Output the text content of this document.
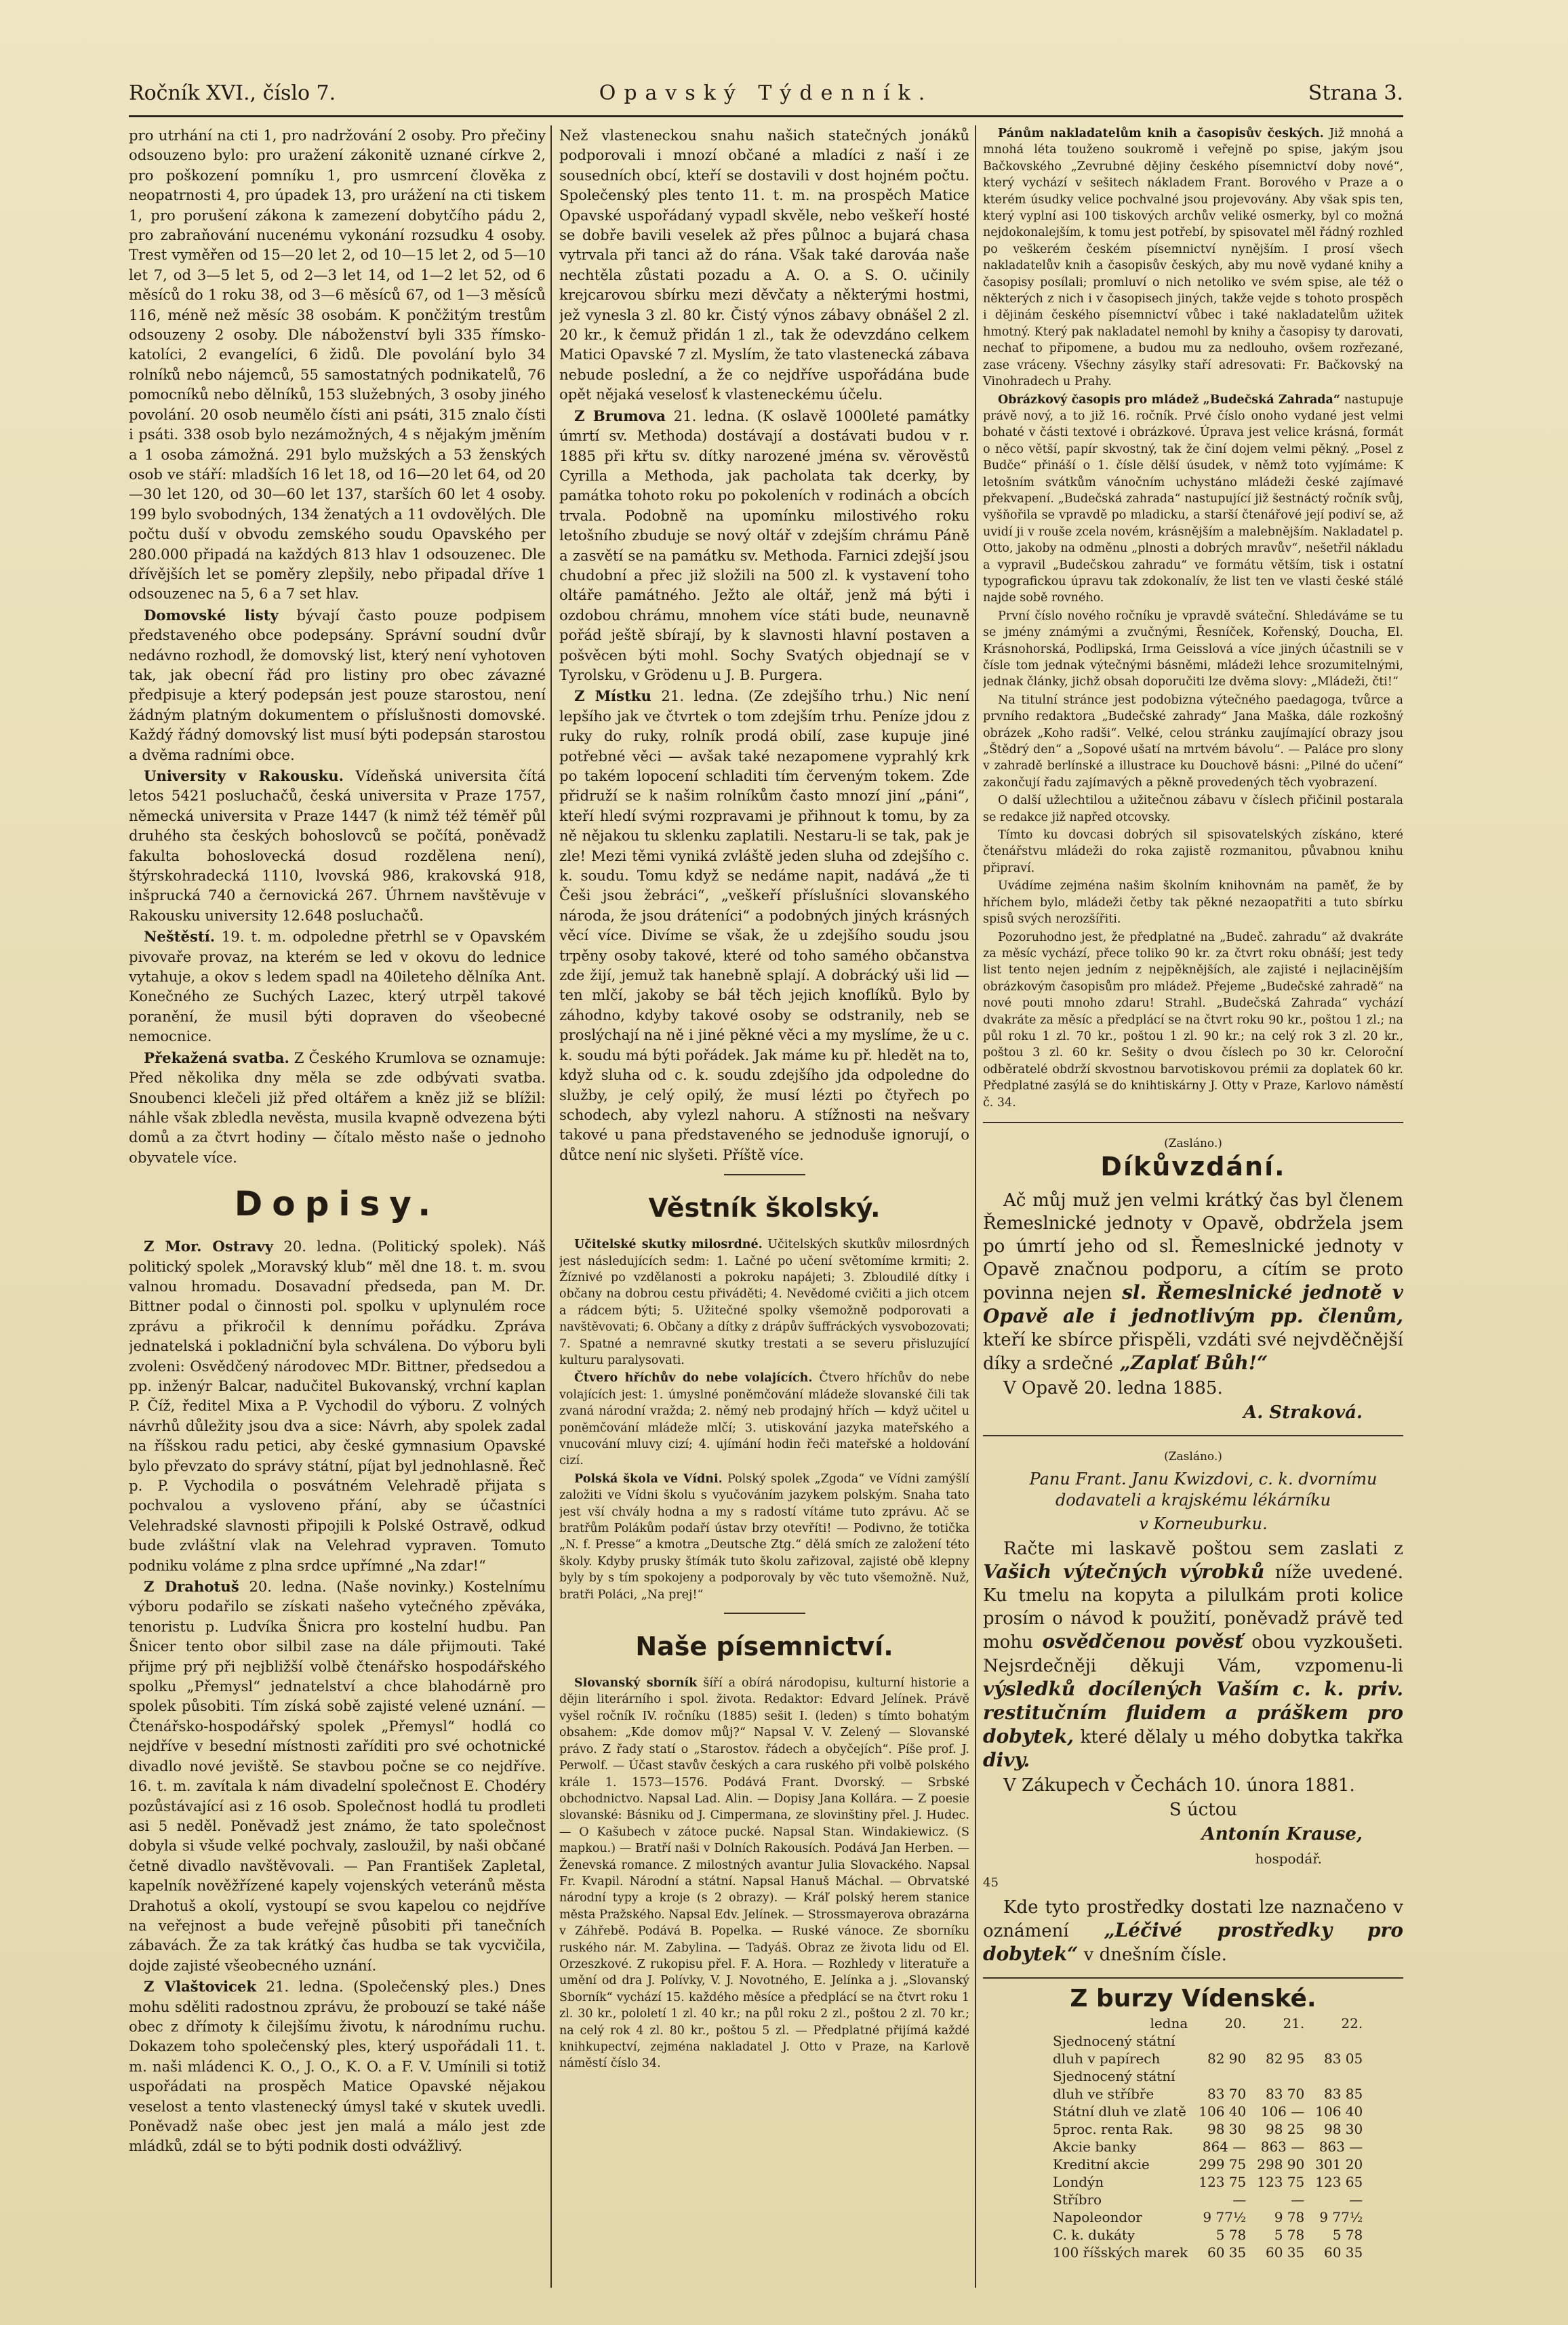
Ročník XVI., číslo 7.	Opavský Týdenník.	Strana 3.

pro utrhání na cti 1, pro nadržování 2 osoby. Pro přečiny odsouzeno bylo: pro uražení zákonitě uznané církve 2, pro poškození pomníku 1, pro usmrcení člověka z neopatrnosti 4, pro úpadek 13, pro urážení na cti tiskem 1, pro porušení zákona k zamezení dobytčího pádu 2, pro zabraňování nucenému vykonání rozsudku 4 osoby. Trest vyměřen od 15—20 let 2, od 10—15 let 2, od 5—10 let 7, od 3—5 let 5, od 2—3 let 14, od 1—2 let 52, od 6 měsíců do 1 roku 38, od 3—6 měsíců 67, od 1—3 měsíců 116, méně než měsíc 38 osobám. K pončžitým trestům odsouzeny 2 osoby. Dle náboženství byli 335 římsko-katolíci, 2 evangelíci, 6 židů. Dle povolání bylo 34 rolníků nebo nájemců, 55 samostatných podnikatelů, 76 pomocníků nebo dělníků, 153 služebných, 3 osoby jiného povolání. 20 osob neumělo čísti ani psáti, 315 znalo čísti i psáti. 338 osob bylo nezámožných, 4 s nějakým jměním a 1 osoba zámožná. 291 bylo mužských a 53 ženských osob ve stáří: mladších 16 let 18, od 16—20 let 64, od 20—30 let 120, od 30—60 let 137, starších 60 let 4 osoby. 199 bylo svobodných, 134 ženatých a 11 ovdovělých. Dle počtu duší v obvodu zemského soudu Opavského per 280.000 připadá na každých 813 hlav 1 odsouzenec. Dle dřívějších let se poměry zlepšily, nebo připadal dříve 1 odsouzenec na 5, 6 a 7 set hlav.

Domovské listy bývají často pouze podpisem představeného obce podepsány. Správní soudní dvůr nedávno rozhodl, že domovský list, který není vyhotoven tak, jak obecní řád pro listiny pro obec závazné předpisuje a který podepsán jest pouze starostou, není žádným platným dokumentem o příslušnosti domovské. Každý řádný domovský list musí býti podepsán starostou a dvěma radními obce.

University v Rakousku. Vídeňská universita čítá letos 5421 posluchačů, česká universita v Praze 1757, německá universita v Praze 1447 (k nimž též téměř půl druhého sta českých bohoslovců se počítá, poněvadž fakulta bohoslovecká dosud rozdělena není), štýrskohradecká 1110, lvovská 986, krakovská 918, inšprucká 740 a černovická 267. Úhrnem navštěvuje v Rakousku university 12.648 posluchačů.

Neštěstí. 19. t. m. odpoledne přetrhl se v Opavském pivovaře provaz, na kterém se led v okovu do lednice vytahuje, a okov s ledem spadl na 40ileteho dělníka Ant. Konečného ze Suchých Lazec, který utrpěl takové poranění, že musil býti dopraven do všeobecné nemocnice.

Překažená svatba. Z Českého Krumlova se oznamuje: Před několika dny měla se zde odbývati svatba. Snoubenci klečeli již před oltářem a kněz již se blížil: náhle však zbledla nevěsta, musila kvapně odvezena býti domů a za čtvrt hodiny — čítalo město naše o jednoho obyvatele více.

Dopisy.

Z Mor. Ostravy 20. ledna. (Politický spolek). Náš politický spolek „Moravský klub“ měl dne 18. t. m. svou valnou hromadu. Dosavadní předseda, pan M. Dr. Bittner podal o činnosti pol. spolku v uplynulém roce zprávu a přikročil k dennímu pořádku. Zpráva jednatelská i pokladniční byla schválena. Do výboru byli zvoleni: Osvědčený národovec MDr. Bittner, předsedou a pp. inženýr Balcar, nadučitel Bukovanský, vrchní kaplan P. Číž, ředitel Mixa a P. Vychodil do výboru. Z volných návrhů důležity jsou dva a sice: Návrh, aby spolek zadal na říšskou radu petici, aby české gymnasium Opavské bylo převzato do správy státní, píjat byl jednohlasně. Řeč p. P. Vychodila o posvátném Velehradě přijata s pochvalou a vysloveno přání, aby se účastníci Velehradské slavnosti připojili k Polské Ostravě, odkud bude zvláštní vlak na Velehrad vypraven. Tomuto podniku voláme z plna srdce upřímné „Na zdar!“

Z Drahotuš 20. ledna. (Naše novinky.) Kostelnímu výboru podařilo se získati našeho vytečného zpěváka, tenoristu p. Ludvíka Šnicra pro kostelní hudbu. Pan Šnicer tento obor silbil zase na dále přijmouti. Také přijme prý při nejbližší volbě čtenářsko hospodářského spolku „Přemysl“ jednatelství a chce blahodárně pro spolek působiti. Tím získá sobě zajisté velené uznání. — Čtenářsko-hospodářský spolek „Přemysl“ hodlá co nejdříve v besední místnosti zaříditi pro své ochotnické divadlo nové jeviště. Se stavbou počne se co nejdříve. 16. t. m. zavítala k nám divadelní společnost E. Chodéry pozůstávající asi z 16 osob. Společnost hodlá tu prodleti asi 5 neděl. Poněvadž jest známo, že tato společnost dobyla si všude velké pochvaly, zasloužil, by naši občané četně divadlo navštěvovali. — Pan František Zapletal, kapelník nověžřízené kapely vojenských veteránů města Drahotuš a okolí, vystoupí se svou kapelou co nejdříve na veřejnost a bude veřejně působiti při tanečních zábavách. Že za tak krátký čas hudba se tak vycvičila, dojde zajisté všeobecného uznání.

Z Vlaštovicek 21. ledna. (Společenský ples.) Dnes mohu sděliti radostnou zprávu, že probouzí se také náše obec z dřímoty k čilejšímu životu, k národnímu ruchu. Dokazem toho společenský ples, který uspořádali 11. t. m. naši mládenci K. O., J. O., K. O. a F. V. Umínili si totiž uspořádati na prospěch Matice Opavské nějakou veselost a tento vlastenecký úmysl také v skutek uvedli. Poněvadž naše obec jest jen malá a málo jest zde mládků, zdál se to býti podnik dosti odvážlivý.

Než vlasteneckou snahu našich statečných jonáků podporovali i mnozí občané a mladíci z naší i ze sousedních obcí, kteří se dostavili v dost hojném počtu. Společenský ples tento 11. t. m. na prospěch Matice Opavské uspořádaný vypadl skvěle, nebo veškeří hosté se dobře bavili veselek až přes půlnoc a bujará chasa vytrvala při tanci až do rána. Však také darováa naše nechtěla zůstati pozadu a A. O. a S. O. učinily krejcarovou sbírku mezi děvčaty a některými hostmi, jež vynesla 3 zl. 80 kr. Čistý výnos zábavy obnášel 2 zl. 20 kr., k čemuž přidán 1 zl., tak že odevzdáno celkem Matici Opavské 7 zl. Myslím, že tato vlastenecká zábava nebude poslední, a že co nejdříve uspořádána bude opět nějaká veselosť k vlasteneckému účelu.

Z Brumova 21. ledna. (K oslavě 1000leté památky úmrtí sv. Methoda) dostávají a dostávati budou v r. 1885 při křtu sv. dítky narozené jména sv. věrověstů Cyrilla a Methoda, jak pacholata tak dcerky, by památka tohoto roku po pokoleních v rodinách a obcích trvala. Podobně na upomínku milostivého roku letošního zbuduje se nový oltář v zdejším chrámu Páně a zasvětí se na památku sv. Methoda. Farnici zdejší jsou chudobní a přec již složili na 500 zl. k vystavení toho oltáře památného. Ježto ale oltář, jenž má býti i ozdobou chrámu, mnohem více státi bude, neunavně pořád ještě sbírají, by k slavnosti hlavní postaven a pošvěcen býti mohl. Sochy Svatých objednají se v Tyrolsku, v Grödenu u J. B. Purgera.

Z Místku 21. ledna. (Ze zdejšího trhu.) Nic není lepšího jak ve čtvrtek o tom zdejším trhu. Peníze jdou z ruky do ruky, rolník prodá obilí, zase kupuje jiné potřebné věci — avšak také nezapomene vyprahlý krk po takém lopocení schladiti tím červeným tokem. Zde přidruží se k našim rolníkům často mnozí jiní „páni“, kteří hledí svými rozpravami je přihnout k tomu, by za ně nějakou tu sklenku zaplatili. Nestaru-li se tak, pak je zle! Mezi těmi vyniká zvláště jeden sluha od zdejšího c. k. soudu. Tomu když se nedáme napit, nadává „že ti Češi jsou žebráci“, „veškeří příslušníci slovanského národa, že jsou dráteníci“ a podobných jiných krásných věcí více. Divíme se však, že u zdejšího soudu jsou trpěny osoby takové, které od toho samého občanstva zde žijí, jemuž tak hanebně splají. A dobrácký uši lid — ten mlčí, jakoby se báł těch jejich knoflíků. Bylo by záhodno, kdyby takové osoby se odstranily, neb se proslýchají na ně i jiné pěkné věci a my myslíme, že u c. k. soudu má býti pořádek. Jak máme ku př. hledět na to, když sluha od c. k. soudu zdejšího jda odpoledne do služby, je celý opilý, že musí lézti po čtyřech po schodech, aby vylezl nahoru. A stížnosti na nešvary takové u pana představeného se jednoduše ignorují, o důtce není nic slyšeti. Příště více.

Věstník školský.

Učitelské skutky milosrdné. Učitelských skutkův milosrdných jest následujících sedm: 1. Lačné po učení světomíme krmiti; 2. Žíznivé po vzdělanosti a pokroku napájeti; 3. Zbloudilé dítky i občany na dobrou cestu přiváděti; 4. Nevědomé cvičiti a jich otcem a rádcem býti; 5. Užitečné spolky všemožně podporovati a navštěvovati; 6. Občany a dítky z drápův šuffráckých vysvobozovati; 7. Spatné a nemravné skutky trestati a se severu přisluzující kulturu paralysovati.

Čtvero hříchův do nebe volajících. Čtvero hříchův do nebe volajících jest: 1. úmyslné poněmčování mládeže slovanské čili tak zvaná národní vražda; 2. němý neb prodajný hřích — když učitel u poněmčování mládeže mlčí; 3. utiskování jazyka mateřského a vnucování mluvy cizí; 4. ujímání hodin řeči mateřské a holdování cizí.

Polská škola ve Vídni. Polský spolek „Zgoda“ ve Vídni zamýšlí založiti ve Vídni školu s vyučováním jazykem polským. Snaha tato jest vší chvály hodna a my s radostí vítáme tuto zprávu. Ač se bratřům Polákům podaří ústav brzy otevříti! — Podivno, že totička „N. f. Presse“ a kmotra „Deutsche Ztg.“ dělá smích ze založení této školy. Kdyby prusky štímák tuto školu zařizoval, zajisté obě klepny byly by s tím spokojeny a podporovaly by věc tuto všemožně. Nuž, bratři Poláci, „Na prej!“

Naše písemnictví.

Slovanský sborník šíří a obírá národopisu, kulturní historie a dějin literárního i spol. života. Redaktor: Edvard Jelínek. Právě vyšel ročník IV. ročníku (1885) sešit I. (leden) s tímto bohatým obsahem: „Kde domov můj?“ Napsal V. V. Zelený — Slovanské právo. Z řady statí o „Starostov. řádech a obyčejích“. Píše prof. J. Perwolf. — Účast stavův českých a cara ruského při volbě polského krále 1. 1573—1576. Podává Frant. Dvorský. — Srbské obchodnictvo. Napsal Lad. Alin. — Dopisy Jana Kollára. — Z poesie slovanské: Básniku od J. Cimpermana, ze slovinštiny přel. J. Hudec. — O Kašubech v zátoce pucké. Napsal Stan. Windakiewicz. (S mapkou.) — Bratří naši v Dolních Rakousích. Podává Jan Herben. — Ženevská romance. Z milostných avantur Julia Slovackého. Napsal Fr. Kvapil. Národní a státní. Napsal Hanuš Máchal. — Obrvatské národní typy a kroje (s 2 obrazy). — Kráľ polský herem stanice města Pražského. Napsal Edv. Jelínek. — Strossmayerova obrazárna v Záhřebě. Podává B. Popelka. — Ruské vánoce. Ze sborníku ruského nár. M. Zabylina. — Tadyáš. Obraz ze života lidu od El. Orzeszkové. Z rukopisu přel. F. A. Hora. — Rozhledy v literatuře a umění od dra J. Polívky, V. J. Novotného, E. Jelínka a j. „Slovanský Sborník“ vychází 15. každého měsíce a předplácí se na čtvrt roku 1 zl. 30 kr., pololetí 1 zl. 40 kr.; na půl roku 2 zl., poštou 2 zl. 70 kr.; na celý rok 4 zl. 80 kr., poštou 5 zl. — Předplatné přijímá každé knihkupectví, zejména nakladatel J. Otto v Praze, na Karlově náměstí číslo 34.

Pánům nakladatelům knih a časopisův českých. Již mnohá a mnohá léta touženo soukromě i veřejně po spise, jakým jsou Bačkovského „Zevrubné dějiny českého písemnictví doby nové“, který vychází v sešitech nákladem Frant. Borového v Praze a o kterém úsudky velice pochvalné jsou projevovány. Aby však spis ten, který vyplní asi 100 tiskových archův veliké osmerky, byl co možná nejdokonalejším, k tomu jest potřebí, by spisovatel měl řádný rozhled po veškerém českém písemnictví nynějším. I prosí všech nakladatelův knih a časopisův českých, aby mu nově vydané knihy a časopisy posílali; promluví o nich netoliko ve svém spise, ale též o některých z nich i v časopisech jiných, takže vejde s tohoto prospěch i dějinám českého písemnictví vůbec i také nakladatelům užitek hmotný. Který pak nakladatel nemohl by knihy a časopisy ty darovati, nechať to připomene, a budou mu za nedlouho, ovšem rozřezané, zase vráceny. Všechny zásylky staří adresovati: Fr. Bačkovský na Vinohradech u Prahy.

Obrázkový časopis pro mládež „Budečská Zahrada“ nastupuje právě nový, a to již 16. ročník. Prvé číslo onoho vydané jest velmi bohaté v části textové i obrázkové. Úprava jest velice krásná, formát o něco větší, papír skvostný, tak že činí dojem velmi pěkný. „Posel z Budče“ přináší o 1. čísle dělší úsudek, v němž toto vyjímáme: K letošním svátkům vánočním uchystáno mládeži české zajímavé překvapení. „Budečská zahrada“ nastupující již šestnáctý ročník svůj, vyšňořila se vpravdě po mladicku, a starší čtenářové její podiví se, až uvidí ji v rouše zcela novém, krásnějším a malebnějším. Nakladatel p. Otto, jakoby na odměnu „plnosti a dobrých mravův“, nešetřil nákladu a vypravil „Budečskou zahradu“ ve formátu větším, tisk i ostatní typografickou úpravu tak zdokonalív, že list ten ve vlasti české stálé najde sobě rovného.

První číslo nového ročníku je vpravdě sváteční. Shledáváme se tu se jmény známými a zvučnými, Řesníček, Kořenský, Doucha, El. Krásnohorská, Podlipská, Irma Geisslová a více jiných účastnili se v čísle tom jednak výtečnými básněmi, mládeži lehce srozumitelnými, jednak články, jichž obsah doporučiti lze dvěma slovy: „Mládeži, čti!“

Na titulní stránce jest podobizna výtečného paedagoga, tvůrce a prvního redaktora „Budečské zahrady“ Jana Maška, dále rozkošný obrázek „Koho radši“. Velké, celou stránku zaujímající obrazy jsou „Štědrý den“ a „Sopové ušatí na mrtvém bávolu“. — Paláce pro slony v zahradě berlínské a illustrace ku Douchově básni: „Pilné do učení“ zakončují řadu zajímavých a pěkně provedených těch vyobrazení.

O další užlechtilou a užitečnou zábavu v číslech přičinil postarala se redakce již napřed otcovsky.

Tímto ku dovcasi dobrých sil spisovatelských získáno, které čtenářstvu mládeži do roka zajistě rozmanitou, půvabnou knihu připraví.

Uvádíme zejména našim školním knihovnám na paměť, že by hříchem bylo, mládeži četby tak pěkné nezaopatřiti a tuto sbírku spisů svých nerozšířiti.

Pozoruhodno jest, že předplatné na „Budeč. zahradu“ až dvakráte za měsíc vychází, přece toliko 90 kr. za čtvrt roku obnáší; jest tedy list tento nejen jedním z nejpěknějších, ale zajisté i nejlacinějším obrázkovým časopisům pro mládež. Přejeme „Budečské zahradě“ na nové pouti mnoho zdaru! Strahl. „Budečská Zahrada“ vychází dvakráte za měsíc a předplácí se na čtvrt roku 90 kr., poštou 1 zl.; na půl roku 1 zl. 70 kr., poštou 1 zl. 90 kr.; na celý rok 3 zl. 20 kr., poštou 3 zl. 60 kr. Sešity o dvou číslech po 30 kr. Celoroční odběratelé obdrží skvostnou barvotiskovou prémii za doplatek 60 kr. Předplatné zasýlá se do knihtiskárny J. Otty v Praze, Karlovo náměstí č. 34.

(Zasláno.)
Díkůvzdání.

Ač můj muž jen velmi krátký čas byl členem Řemeslnické jednoty v Opavě, obdržela jsem po úmrtí jeho od sl. Řemeslnické jednoty v Opavě značnou podporu, a cítím se proto povinna nejen sl. Řemeslnické jednotě v Opavě ale i jednotlivým pp. členům, kteří ke sbírce přispěli, vzdáti své nejvděčnější díky a srdečné „Zaplať Bůh!“

V Opavě 20. ledna 1885.

A. Straková.

(Zasláno.)

Panu Frant. Janu Kwizdovi, c. k. dvornímu dodavateli a krajskému lékárníku

v Korneuburku.

Račte mi laskavě poštou sem zaslati z Vašich výtečných výrobků níže uvedené. Ku tmelu na kopyta a pilulkám proti kolice prosím o návod k použití, poněvadž právě ted mohu osvědčenou pověsť obou vyzkoušeti. Nejsrdečněji děkuji Vám, vzpomenu-li výsledků docílených Vaším c. k. priv. restitučním fluidem a práškem pro dobytek, které dělaly u mého dobytka takřka divy.

V Zákupech v Čechách 10. února 1881.

S úctou

Antonín Krause,

hospodář.

45

Kde tyto prostředky dostati lze naznačeno v oznámení „Léčivé prostředky pro dobytek“ v dnešním čísle.

Z burzy Vídenské.
ledna	20.	21.	22.
Sjednocený státní			
dluh v papírech	82 90	82 95	83 05
Sjednocený státní			
dluh ve stříbře	83 70	83 70	83 85
Státní dluh ve zlatě	106 40	106 —	106 40
5proc. renta Rak.	98 30	98 25	98 30
Akcie banky	864 —	863 —	863 —
Kreditní akcie	299 75	298 90	301 20
Londýn	123 75	123 75	123 65
Stříbro	—	—	—
Napoleondor	9 77½	9 78	9 77½
C. k. dukáty	5 78	5 78	5 78
100 říšských marek	60 35	60 35	60 35
